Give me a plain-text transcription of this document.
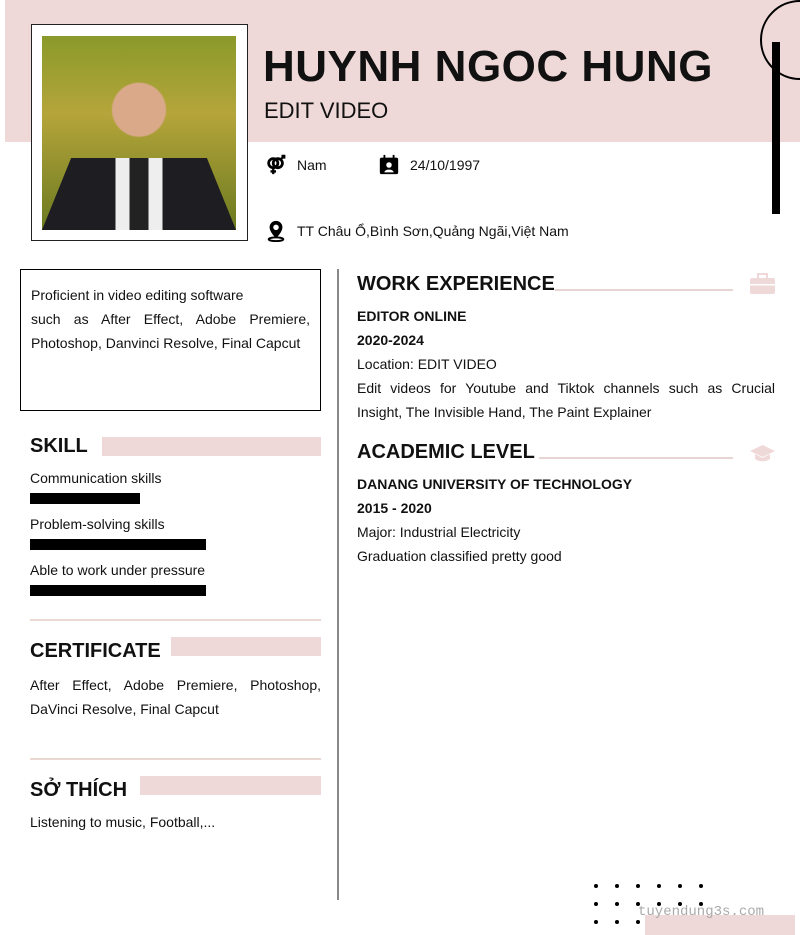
HUYNH NGOC HUNG
EDIT VIDEO
Nam	24/10/1997
TT Châu Ổ,Bình Sơn,Quảng Ngãi,Việt Nam
Proficient in video editing software
such as After Effect, Adobe Premiere, Photoshop, Danvinci Resolve, Final Capcut
SKILL
Communication skills
Problem-solving skills
Able to work under pressure
CERTIFICATE
After Effect, Adobe Premiere, Photoshop, DaVinci Resolve, Final Capcut
SỞ THÍCH
Listening to music, Football,...
WORK EXPERIENCE

EDITOR ONLINE

2020-2024

Location: EDIT VIDEO

Edit videos for Youtube and Tiktok channels such as Crucial Insight, The Invisible Hand, The Paint Explainer

ACADEMIC LEVEL

DANANG UNIVERSITY OF TECHNOLOGY

2015 - 2020

Major: Industrial Electricity

Graduation classified pretty good

tuyendung3s.com
